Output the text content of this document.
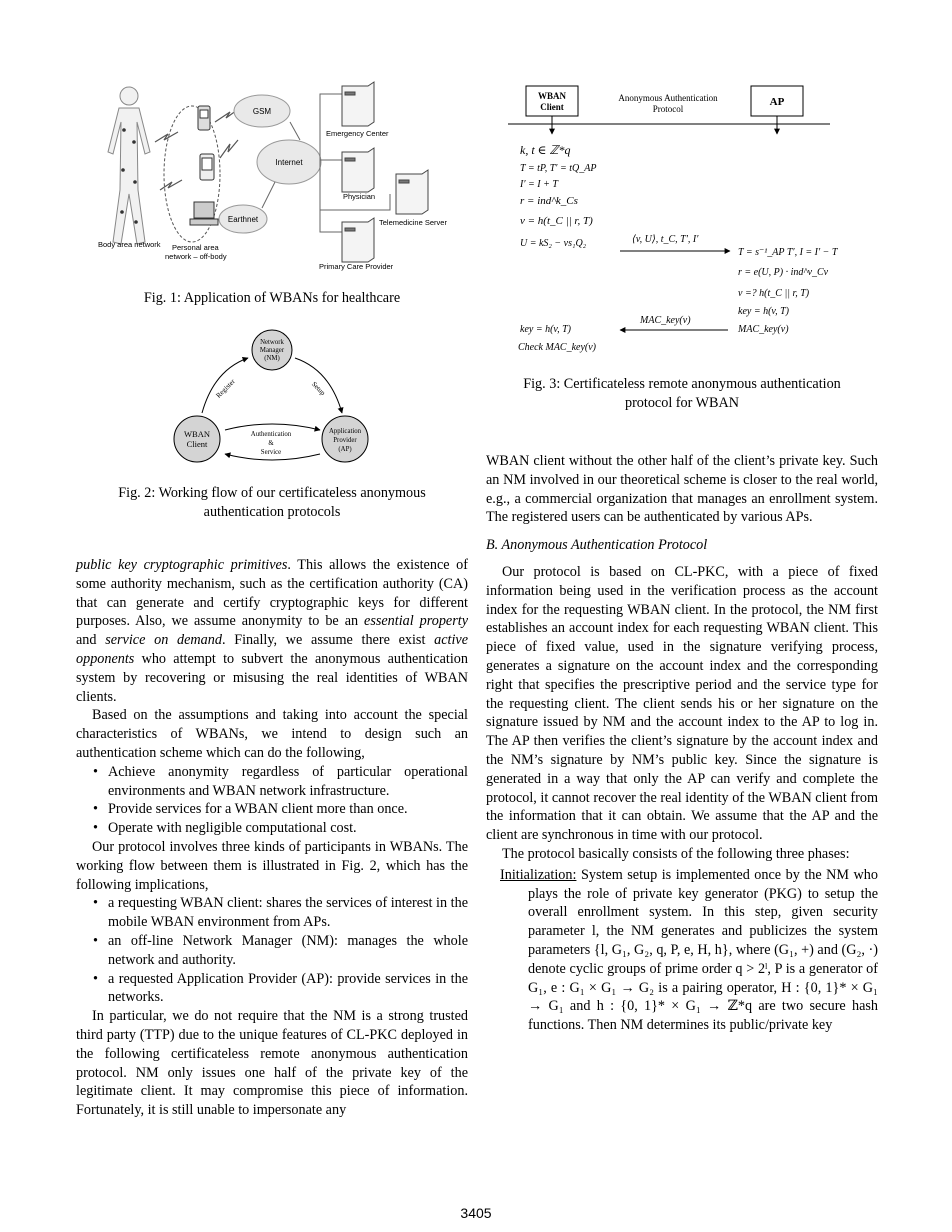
GSM
Internet
Earthnet
Emergency Center
Physician
Telemedicine Server
Primary Care Provider
Body area network Personal area
network – off-body
Fig. 1: Application of WBANs for healthcare
Network
Manager
(NM)
WBAN
Client
Application
Provider
(AP)
Register	Setup
Authentication
&
Service
Fig. 2: Working flow of our certificateless anonymous
authentication protocols
WBAN
Client	AP
Anonymous Authentication
Protocol
k, t ∈ ℤ*q
T = tP, T′ = tQ_AP
I′ = I + T
r = ind^k_Cs
v = h(t_C || r, T)
U = kS₂ − vs₁Q₂	⟨v, U⟩, t_C, T′, I′
T = s⁻¹_AP T′, I = I′ − T
r = e(U, P) · ind^v_Cv
v =? h(t_C || r, T)
key = h(v, T)
MAC_key(v)
MAC_key(v)
key = h(v, T)
Check MAC_key(v)
Fig. 3: Certificateless remote anonymous authentication
protocol for WBAN

public key cryptographic primitives. This allows the existence of some authority mechanism, such as the certification authority (CA) that can generate and certify cryptographic keys for different purposes. Also, we assume anonymity to be an essential property and service on demand. Finally, we assume there exist active opponents who attempt to subvert the anonymous authentication system by recovering or misusing the real identities of WBAN clients.

Based on the assumptions and taking into account the special characteristics of WBANs, we intend to design such an authentication scheme which can do the following,

• Achieve anonymity regardless of particular operational environments and WBAN network infrastructure.
• Provide services for a WBAN client more than once.
• Operate with negligible computational cost.

Our protocol involves three kinds of participants in WBANs. The working flow between them is illustrated in Fig. 2, which has the following implications,

• a requesting WBAN client: shares the services of interest in the mobile WBAN environment from APs.
• an off-line Network Manager (NM): manages the whole network and authority.
• a requested Application Provider (AP): provide services in the networks.

In particular, we do not require that the NM is a strong trusted third party (TTP) due to the unique features of CL-PKC deployed in the following certificateless remote anonymous authentication protocol. NM only issues one half of the private key of the legitimate client. It may compromise this piece of information. Fortunately, it is still unable to impersonate any

WBAN client without the other half of the client’s private key. Such an NM involved in our theoretical scheme is closer to the real world, e.g., a commercial organization that manages an enrollment system. The registered users can be authenticated by various APs.

B. Anonymous Authentication Protocol

Our protocol is based on CL-PKC, with a piece of fixed information being used in the verification process as the account index for the requesting WBAN client. In the protocol, the NM first establishes an account index for each requesting WBAN client. This piece of fixed value, used in the signature verifying process, generates a signature on the account index and the corresponding right that specifies the prescriptive period and the service type for the requesting client. The client sends his or her signature on the signature issued by NM and the account index to the AP to log in. The AP then verifies the client’s signature by the account index and the NM’s signature by NM’s public key. Since the signature is generated in a way that only the AP can verify and complete the protocol, it cannot recover the real identity of the WBAN client from the information that it can obtain. We assume that the AP and the client are synchronous in time with our protocol.

The protocol basically consists of the following three phases:

Initialization: System setup is implemented once by the NM who plays the role of private key generator (PKG) to setup the overall enrollment system. In this step, given security parameter l, the NM generates and publicizes the system parameters {l, G₁, G₂, q, P, e, H, h}, where (G₁, +) and (G₂, ·) denote cyclic groups of prime order q > 2ˡ, P is a generator of G₁, e : G₁ × G₁ → G₂ is a pairing operator, H : {0, 1}* × G₁ → G₁ and h : {0, 1}* × G₁ → ℤ*q are two secure hash functions. Then NM determines its public/private key

3405
